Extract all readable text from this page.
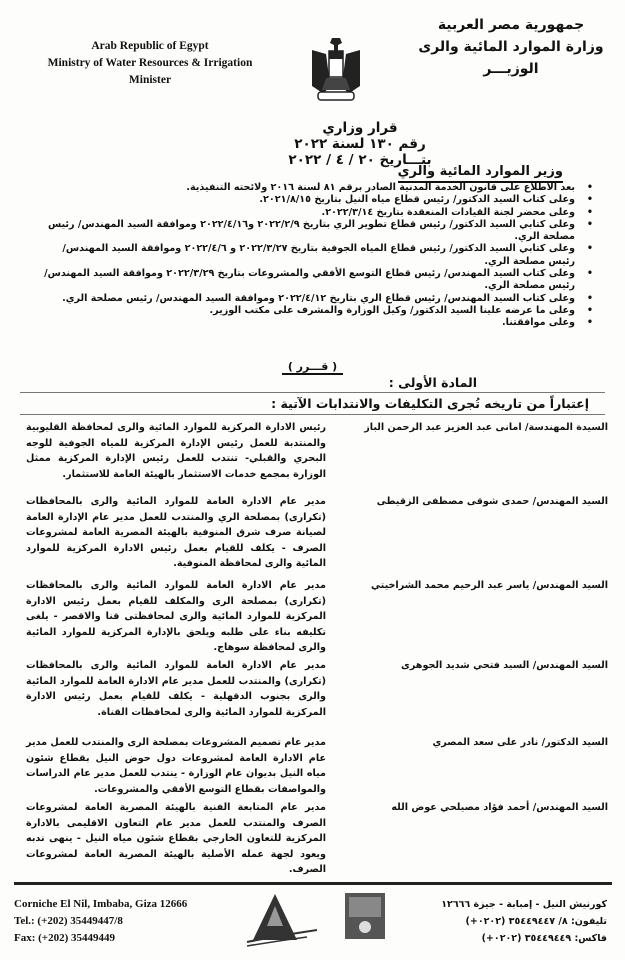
Arab Republic of Egypt
Ministry of Water Resources & Irrigation
Minister
جمهورية مصر العربية
وزارة الموارد المائية والرى
الوزيـــر
قرار وزاري
رقم ١٣٠ لسنة ٢٠٢٢
بتـــاريخ ٢٠ / ٤ / ٢٠٢٢
وزير الموارد المائية والري
• بعد الاطلاع على قانون الخدمة المدنية الصادر برقم ٨١ لسنة ٢٠١٦ ولائحته التنفيذية.
• وعلى كتاب السيد الدكتور/ رئيس قطاع مياه النيل بتاريخ ٢٠٢١/٨/١٥.
• وعلى محضر لجنة القيادات المنعقدة بتاريخ ٢٠٢٢/٣/١٤.
• وعلى كتابي السيد الدكتور/ رئيس قطاع تطوير الري بتاريخ ٢٠٢٢/٢/٩ و٢٠٢٢/٤/١٦ وموافقة السيد المهندس/ رئيس مصلحة الري.
• وعلى كتابي السيد الدكتور/ رئيس قطاع المياه الجوفية بتاريخ ٢٠٢٢/٣/٢٧ و ٢٠٢٢/٤/٦ وموافقة السيد المهندس/ رئيس مصلحة الري.
• وعلى كتاب السيد المهندس/ رئيس قطاع التوسع الأفقي والمشروعات بتاريخ ٢٠٢٢/٣/٢٩ وموافقة السيد المهندس/ رئيس مصلحة الري.
• وعلى كتاب السيد المهندس/ رئيس قطاع الري بتاريخ ٢٠٢٢/٤/١٢ وموافقة السيد المهندس/ رئيس مصلحة الري.
• وعلى ما عرضه علينا السيد الدكتور/ وكيل الوزارة والمشرف على مكتب الوزير.
• وعلى موافقتنا.
( قـــرر )
المادة الأولى :
إعتباراً من تاريخه تُجرى التكليفات والانتدابات الآتية :
السيدة المهندسة/ امانى عبد العزيز عبد الرحمن الباز
رئيس الادارة المركزية للموارد المائية والرى لمحافظة القليوبية والمنتدبة للعمل رئيس الإدارة المركزية للمياه الجوفية للوجه البحري والقبلي- تنتدب للعمل رئيس الإدارة المركزية ممثل الوزارة بمجمع خدمات الاستثمار بالهيئة العامة للاستثمار.
السيد المهندس/ حمدى شوقى مصطفى الزقيطى
مدير عام الادارة العامة للموارد المائية والرى بالمحافظات (تكرارى) بمصلحة الري والمنتدب للعمل مدير عام الإدارة العامة لصيانة صرف شرق المنوفية بالهيئة المصرية العامة لمشروعات الصرف - يكلف للقيام بعمل رئيس الادارة المركزية للموارد المائية والرى لمحافظة المنوفية.
السيد المهندس/ ياسر عبد الرحيم محمد الشراخيتي
مدير عام الادارة العامة للموارد المائية والرى بالمحافظات (تكرارى) بمصلحة الرى والمكلف للقيام بعمل رئيس الادارة المركزية للموارد المائية والرى لمحافظتى قنا والاقصر - يلغى تكليفه بناء على طلبه ويلحق بالإدارة المركزية للموارد المائية والرى لمحافظة سوهاج.
السيد المهندس/ السيد فتحي شديد الجوهرى
مدير عام الادارة العامة للموارد المائية والرى بالمحافظات (تكرارى) والمنتدب للعمل مدير عام الادارة العامة للموارد المائية والرى بجنوب الدقهلية - يكلف للقيام بعمل رئيس الادارة المركزية للموارد المائية والرى لمحافظات القناة.
السيد الدكتور/ نادر على سعد المصري
مدير عام تصميم المشروعات بمصلحة الرى والمنتدب للعمل مدير عام الادارة العامة لمشروعات دول حوض النيل بقطاع شئون مياه النيل بديوان عام الوزارة - ينتدب للعمل مدير عام الدراسات والمواصفات بقطاع التوسع الأفقي والمشروعات.
السيد المهندس/ أحمد فؤاد مصيلحي عوض الله
مدير عام المتابعة الفنية بالهيئة المصرية العامة لمشروعات الصرف والمنتدب للعمل مدير عام التعاون الاقليمى بالادارة المركزية للتعاون الخارجي بقطاع شئون مياه النيل - ينهى ندبه ويعود لجهة عمله الأصلية بالهيئة المصرية العامة لمشروعات الصرف.
Corniche El Nil, Imbaba, Giza 12666
Tel.: (+202) 35449447/8
Fax: (+202) 35449449
كورنيش النيل - إمبابة - جيزة ١٢٦٦٦
تليفون: ٨/ ٣٥٤٤٩٤٤٧ (٠٢٠٢+)
فاكس: ٣٥٤٤٩٤٤٩ (٠٢٠٢+)
